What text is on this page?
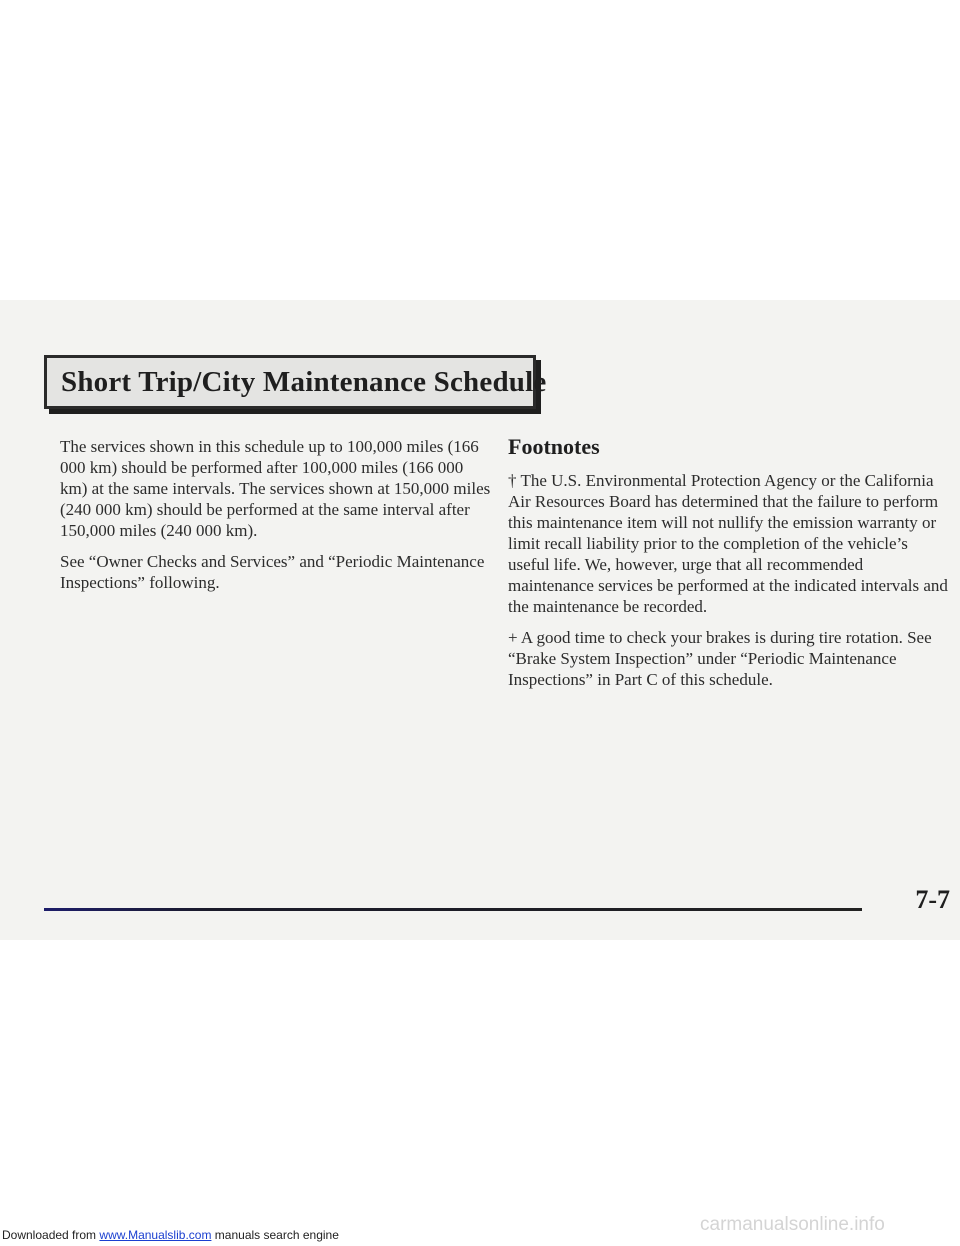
Short Trip/City Maintenance Schedule

The services shown in this schedule up to 100,000 miles (166 000 km) should be performed after 100,000 miles (166 000 km) at the same intervals. The services shown at 150,000 miles (240 000 km) should be performed at the same interval after 150,000 miles (240 000 km).

See “Owner Checks and Services” and “Periodic Maintenance Inspections” following.

Footnotes

† The U.S. Environmental Protection Agency or the California Air Resources Board has determined that the failure to perform this maintenance item will not nullify the emission warranty or limit recall liability prior to the completion of the vehicle’s useful life. We, however, urge that all recommended maintenance services be performed at the indicated intervals and the maintenance be recorded.

+ A good time to check your brakes is during tire rotation. See “Brake System Inspection” under “Periodic Maintenance Inspections” in Part C of this schedule.

7-7

Downloaded from www.Manualslib.com manuals search engine	carmanualsonline.info
